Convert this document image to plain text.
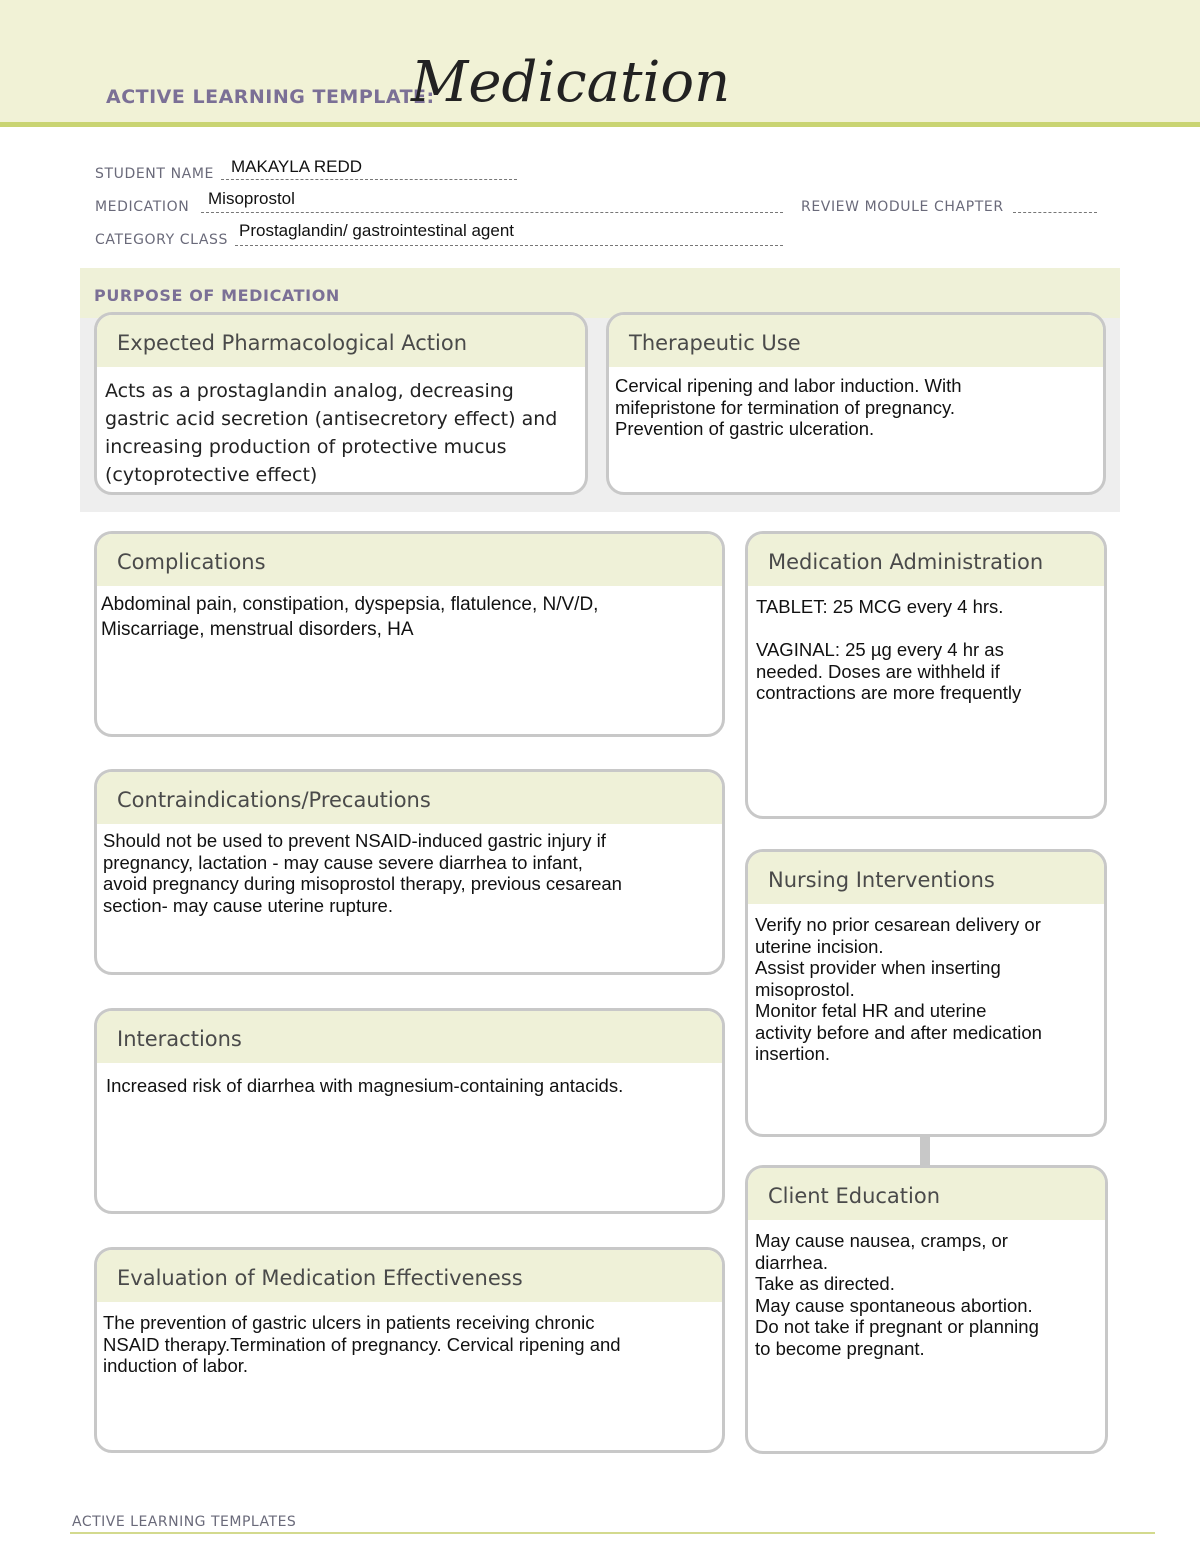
ACTIVE LEARNING TEMPLATE:
Medication
STUDENT NAME MAKAYLA REDD
MEDICATION Misoprostol	REVIEW MODULE CHAPTER
CATEGORY CLASS Prostaglandin/ gastrointestinal agent
PURPOSE OF MEDICATION
Expected Pharmacological Action
Acts as a prostaglandin analog, decreasing gastric acid secretion (antisecretory effect) and increasing production of protective mucus (cytoprotective effect)
Therapeutic Use
Cervical ripening and labor induction. With
mifepristone for termination of pregnancy.
Prevention of gastric ulceration.
Complications
Abdominal pain, constipation, dyspepsia, flatulence, N/V/D,
Miscarriage, menstrual disorders, HA
Contraindications/Precautions
Should not be used to prevent NSAID-induced gastric injury if
pregnancy, lactation - may cause severe diarrhea to infant,
avoid pregnancy during misoprostol therapy, previous cesarean
section- may cause uterine rupture.
Interactions
Increased risk of diarrhea with magnesium-containing antacids.
Evaluation of Medication Effectiveness
The prevention of gastric ulcers in patients receiving chronic
NSAID therapy.Termination of pregnancy. Cervical ripening and
induction of labor.
Medication Administration
TABLET: 25 MCG every 4 hrs.

VAGINAL: 25 µg every 4 hr as
needed. Doses are withheld if
contractions are more frequently
Nursing Interventions
Verify no prior cesarean delivery or
uterine incision.
Assist provider when inserting
misoprostol.
Monitor fetal HR and uterine
activity before and after medication
insertion.
Client Education
May cause nausea, cramps, or
diarrhea.
Take as directed.
May cause spontaneous abortion.
Do not take if pregnant or planning
to become pregnant.
ACTIVE LEARNING TEMPLATES
